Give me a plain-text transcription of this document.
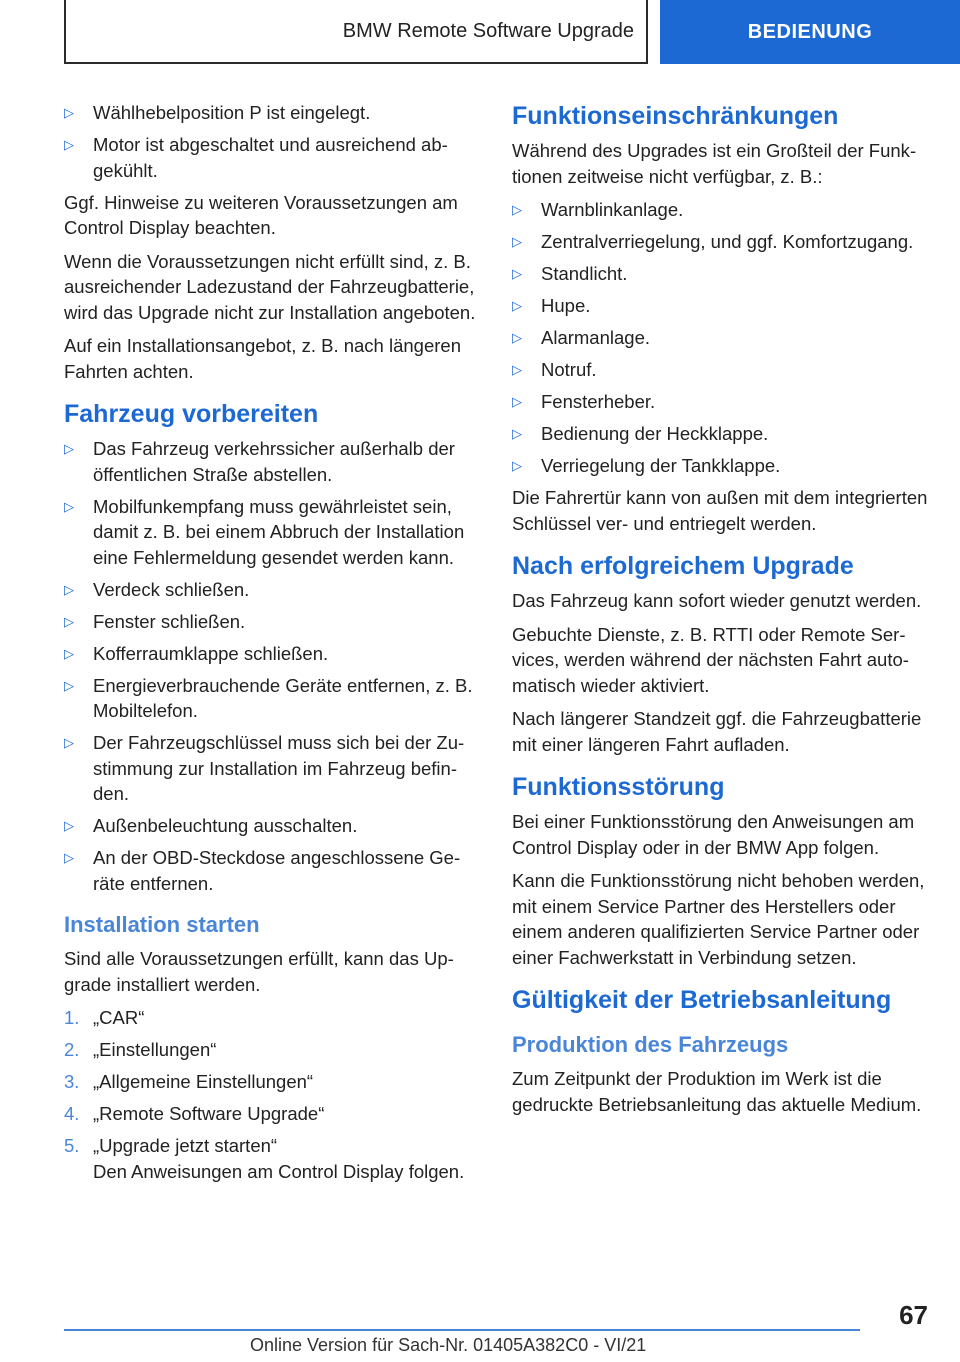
BMW Remote Software Upgrade	BEDIENUNG
▷ Wählhebelposition P ist eingelegt.
▷ Motor ist abgeschaltet und ausreichend abgekühlt.

Ggf. Hinweise zu weiteren Voraussetzungen am Control Display beachten.

Wenn die Voraussetzungen nicht erfüllt sind, z. B. ausreichender Ladezustand der Fahrzeugbatterie, wird das Upgrade nicht zur Installation angeboten.

Auf ein Installationsangebot, z. B. nach längeren Fahrten achten.

Fahrzeug vorbereiten
▷ Das Fahrzeug verkehrssicher außerhalb der öffentlichen Straße abstellen.
▷ Mobilfunkempfang muss gewährleistet sein, damit z. B. bei einem Abbruch der Installation eine Fehlermeldung gesendet werden kann.
▷ Verdeck schließen.
▷ Fenster schließen.
▷ Kofferraumklappe schließen.
▷ Energieverbrauchende Geräte entfernen, z. B. Mobiltelefon.
▷ Der Fahrzeugschlüssel muss sich bei der Zustimmung zur Installation im Fahrzeug befinden.
▷ Außenbeleuchtung ausschalten.
▷ An der OBD-Steckdose angeschlossene Geräte entfernen.
Installation starten

Sind alle Voraussetzungen erfüllt, kann das Upgrade installiert werden.

1. „CAR“
2. „Einstellungen“
3. „Allgemeine Einstellungen“
4. „Remote Software Upgrade“
5. „Upgrade jetzt starten“
Den Anweisungen am Control Display folgen.
Funktionseinschränkungen

Während des Upgrades ist ein Großteil der Funktionen zeitweise nicht verfügbar, z. B.:

▷ Warnblinkanlage.
▷ Zentralverriegelung, und ggf. Komfortzugang.
▷ Standlicht.
▷ Hupe.
▷ Alarmanlage.
▷ Notruf.
▷ Fensterheber.
▷ Bedienung der Heckklappe.
▷ Verriegelung der Tankklappe.

Die Fahrertür kann von außen mit dem integrierten Schlüssel ver- und entriegelt werden.

Nach erfolgreichem Upgrade

Das Fahrzeug kann sofort wieder genutzt werden.

Gebuchte Dienste, z. B. RTTI oder Remote Services, werden während der nächsten Fahrt automatisch wieder aktiviert.

Nach längerer Standzeit ggf. die Fahrzeugbatterie mit einer längeren Fahrt aufladen.

Funktionsstörung

Bei einer Funktionsstörung den Anweisungen am Control Display oder in der BMW App folgen.

Kann die Funktionsstörung nicht behoben werden, mit einem Service Partner des Herstellers oder einem anderen qualifizierten Service Partner oder einer Fachwerkstatt in Verbindung setzen.

Gültigkeit der Betriebsanleitung
Produktion des Fahrzeugs

Zum Zeitpunkt der Produktion im Werk ist die gedruckte Betriebsanleitung das aktuelle Medium.

67
Online Version für Sach-Nr. 01405A382C0 - VI/21
